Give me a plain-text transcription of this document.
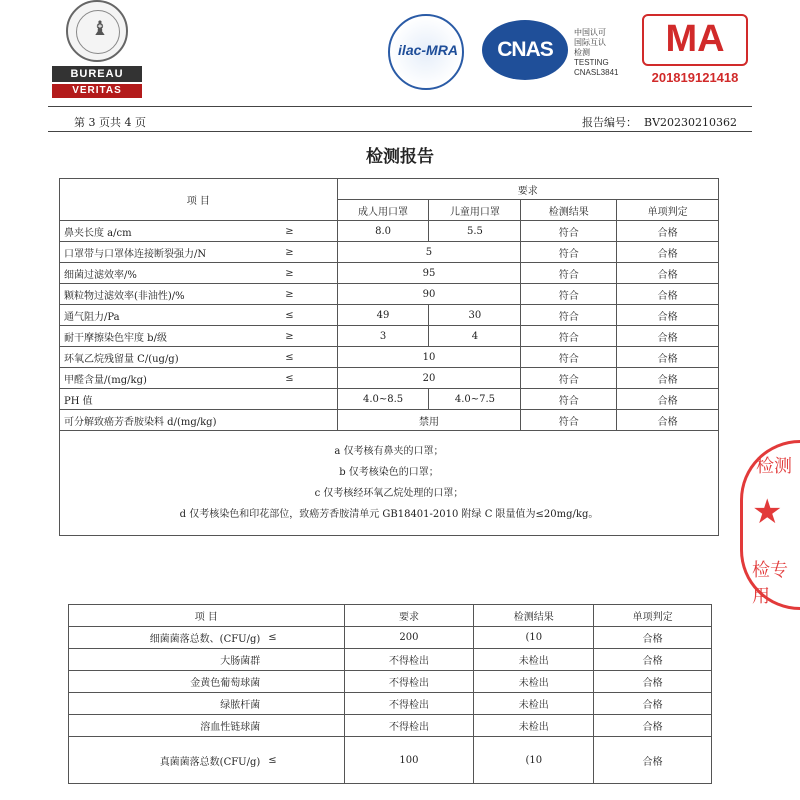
♝
BUREAU
VERITAS
ilac-MRA	CNAS
中国认可
国际互认
检测
TESTING
CNASL3841
MA
201819121418
第 3 页共 4 页	报告编号： BV20230210362
检测报告
项 目		要求			
		成人用口罩	儿童用口罩	检测结果	单项判定
鼻夹长度 a/cm	≥	8.0	5.5	符合	合格
口罩带与口罩体连接断裂强力/N	≥	5		符合	合格
细菌过滤效率/%	≥	95		符合	合格
颗粒物过滤效率(非油性)/%	≥	90		符合	合格
通气阻力/Pa	≤	49	30	符合	合格
耐干摩擦染色牢度 b/级	≥	3	4	符合	合格
环氧乙烷残留量 C/(ug/g)	≤	10		符合	合格
甲醛含量/(mg/kg)	≤	20		符合	合格
PH 值		4.0~8.5	4.0~7.5	符合	合格
可分解致癌芳香胺染料 d/(mg/kg)		禁用		符合	合格

a 仅考核有鼻夹的口罩；
b 仅考核染色的口罩；
c 仅考核经环氧乙烷处理的口罩；
d 仅考核染色和印花部位，致癌芳香胺清单元 GB18401-2010 附绿 C 限量值为≤20mg/kg。					
项 目		要求	检测结果	单项判定
细菌菌落总数、(CFU/g)	≤	200	(10	合格
大肠菌群		不得检出	未检出	合格
金黄色葡萄球菌		不得检出	未检出	合格
绿脓杆菌		不得检出	未检出	合格
溶血性链球菌		不得检出	未检出	合格
真菌菌落总数(CFU/g)	≤	100	(10	合格
检测
★
检专用
